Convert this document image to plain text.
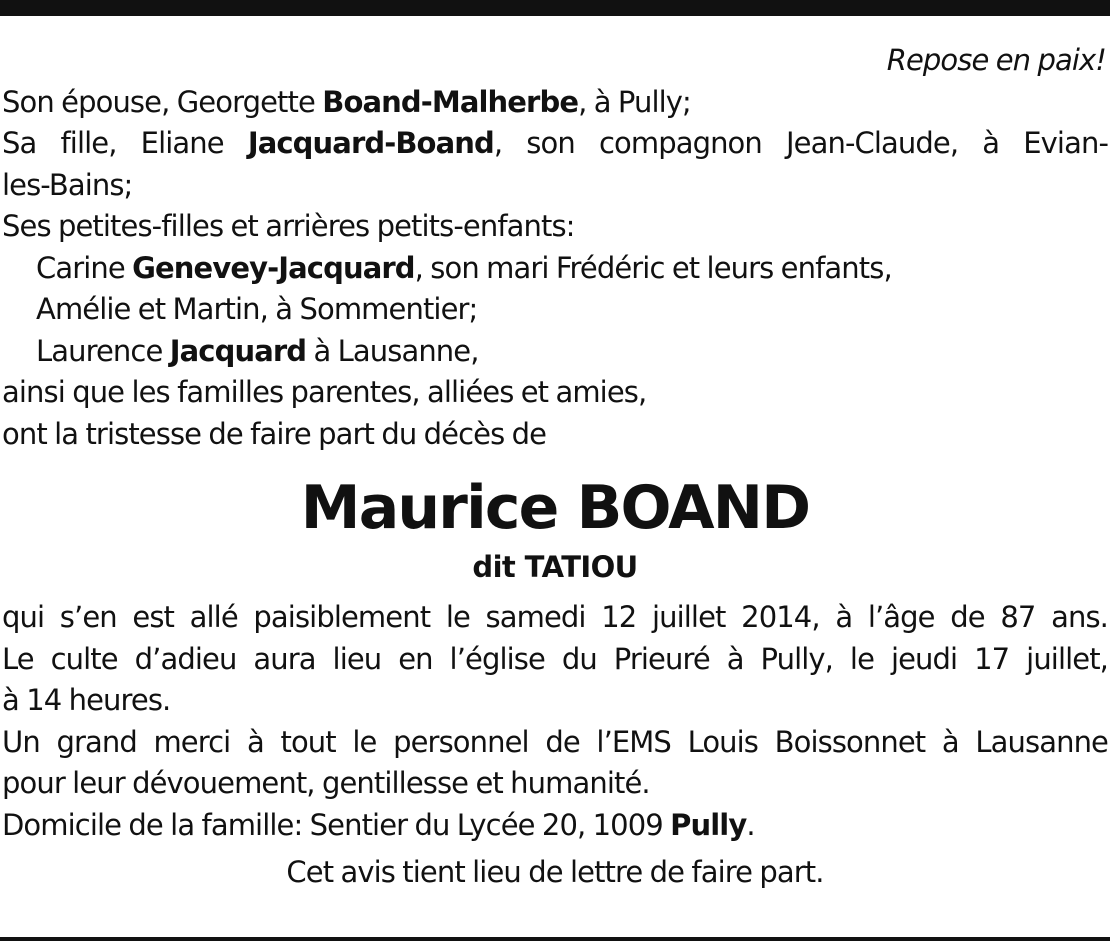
Repose en paix!
Son épouse, Georgette Boand-Malherbe, à Pully;
Sa fille, Eliane Jacquard-Boand, son compagnon Jean-Claude, à Evian-
les-Bains;
Ses petites-filles et arrières petits-enfants:
Carine Genevey-Jacquard, son mari Frédéric et leurs enfants,
Amélie et Martin, à Sommentier;
Laurence Jacquard à Lausanne,
ainsi que les familles parentes, alliées et amies,
ont la tristesse de faire part du décès de
Maurice BOAND
dit TATIOU
qui s’en est allé paisiblement le samedi 12 juillet 2014, à l’âge de 87 ans.
Le culte d’adieu aura lieu en l’église du Prieuré à Pully, le jeudi 17 juillet,
à 14 heures.
Un grand merci à tout le personnel de l’EMS Louis Boissonnet à Lausanne
pour leur dévouement, gentillesse et humanité.
Domicile de la famille: Sentier du Lycée 20, 1009 Pully.
Cet avis tient lieu de lettre de faire part.
